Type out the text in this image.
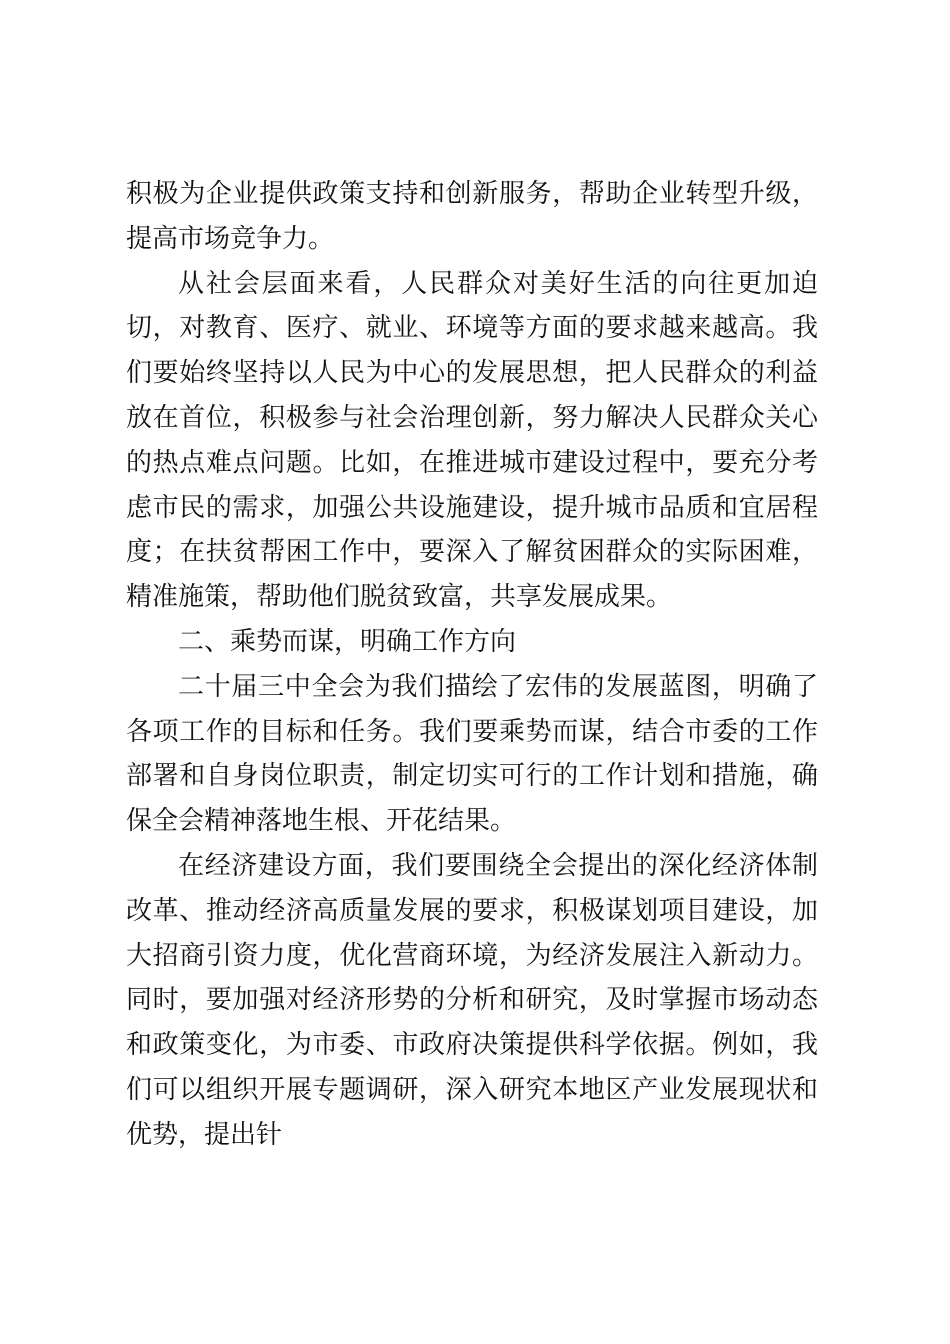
积极为企业提供政策支持和创新服务，帮助企业转型升级，提高市场竞争力。

从社会层面来看，人民群众对美好生活的向往更加迫切，对教育、医疗、就业、环境等方面的要求越来越高。我们要始终坚持以人民为中心的发展思想，把人民群众的利益放在首位，积极参与社会治理创新，努力解决人民群众关心的热点难点问题。比如，在推进城市建设过程中，要充分考虑市民的需求，加强公共设施建设，提升城市品质和宜居程度；在扶贫帮困工作中，要深入了解贫困群众的实际困难，精准施策，帮助他们脱贫致富，共享发展成果。

二、乘势而谋，明确工作方向

二十届三中全会为我们描绘了宏伟的发展蓝图，明确了各项工作的目标和任务。我们要乘势而谋，结合市委的工作部署和自身岗位职责，制定切实可行的工作计划和措施，确保全会精神落地生根、开花结果。

在经济建设方面，我们要围绕全会提出的深化经济体制改革、推动经济高质量发展的要求，积极谋划项目建设，加大招商引资力度，优化营商环境，为经济发展注入新动力。同时，要加强对经济形势的分析和研究，及时掌握市场动态和政策变化，为市委、市政府决策提供科学依据。例如，我们可以组织开展专题调研，深入研究本地区产业发展现状和优势，提出针
